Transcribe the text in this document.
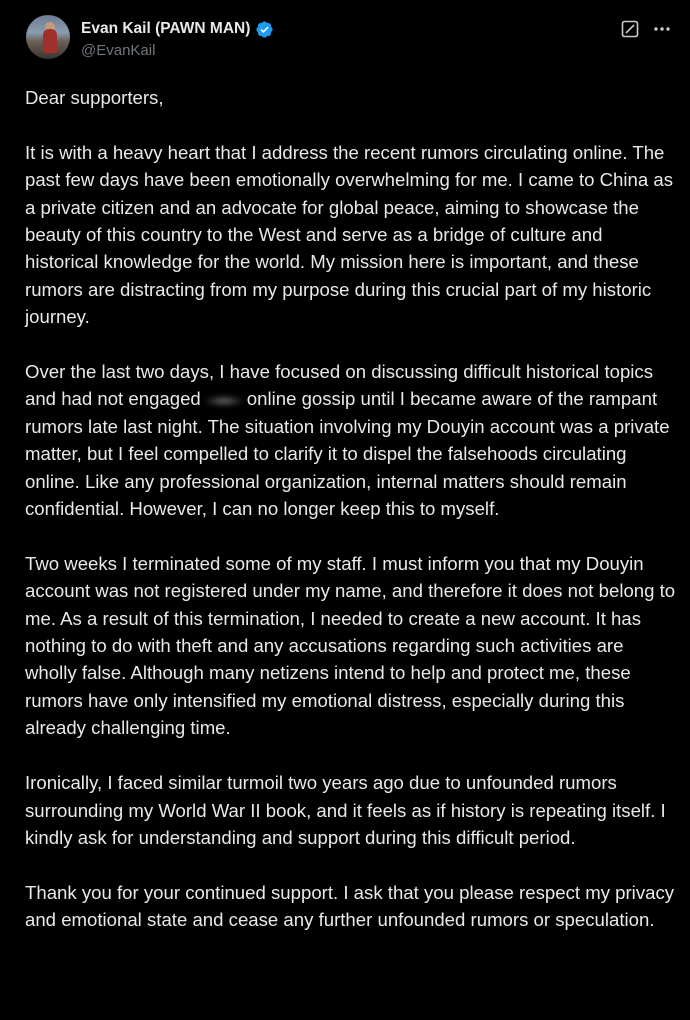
Evan Kail (PAWN MAN)
@EvanKail

Dear supporters,

It is with a heavy heart that I address the recent rumors circulating online. The past few days have been emotionally overwhelming for me. I came to China as a private citizen and an advocate for global peace, aiming to showcase the beauty of this country to the West and serve as a bridge of culture and historical knowledge for the world. My mission here is important, and these rumors are distracting from my purpose during this crucial part of my historic journey.

Over the last two days, I have focused on discussing difficult historical topics and had not engaged online gossip until I became aware of the rampant rumors late last night. The situation involving my Douyin account was a private matter, but I feel compelled to clarify it to dispel the falsehoods circulating online. Like any professional organization, internal matters should remain confidential. However, I can no longer keep this to myself.

Two weeks I terminated some of my staff. I must inform you that my Douyin account was not registered under my name, and therefore it does not belong to me. As a result of this termination, I needed to create a new account. It has nothing to do with theft and any accusations regarding such activities are wholly false. Although many netizens intend to help and protect me, these rumors have only intensified my emotional distress, especially during this already challenging time.

Ironically, I faced similar turmoil two years ago due to unfounded rumors surrounding my World War II book, and it feels as if history is repeating itself. I kindly ask for understanding and support during this difficult period.

Thank you for your continued support. I ask that you please respect my privacy and emotional state and cease any further unfounded rumors or speculation.
